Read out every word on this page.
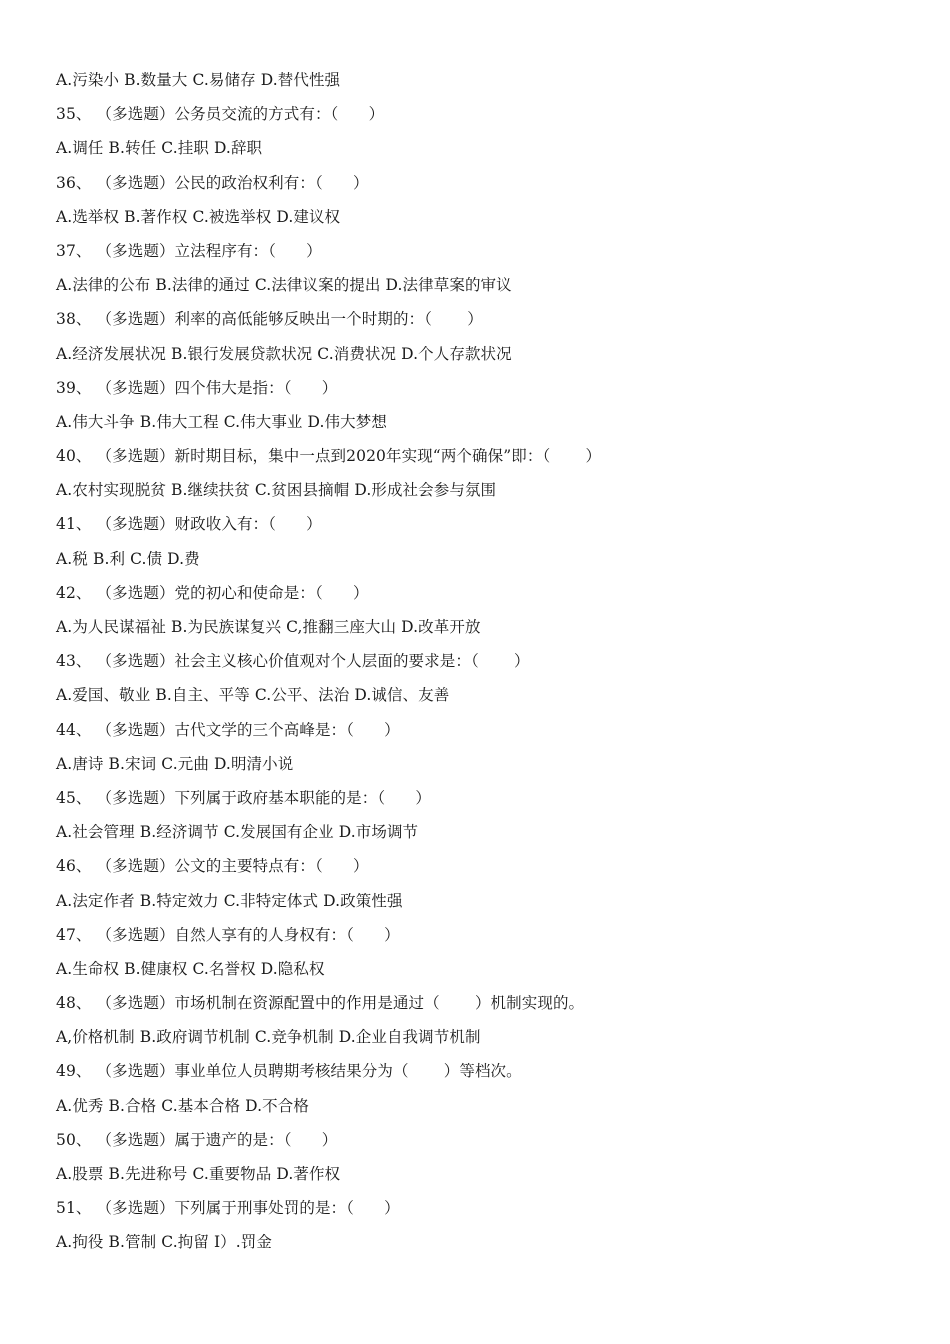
A.污染小 B.数量大 C.易储存 D.替代性强
35、 （多选题）公务员交流的方式有：（      ）
A.调任 B.转任 C.挂职 D.辞职
36、 （多选题）公民的政治权利有：（      ）
A.选举权 B.著作权 C.被选举权 D.建议权
37、 （多选题）立法程序有：（      ）
A.法律的公布 B.法律的通过 C.法律议案的提出 D.法律草案的审议
38、 （多选题）利率的高低能够反映出一个时期的：（       ）
A.经济发展状况 B.银行发展贷款状况 C.消费状况 D.个人存款状况
39、 （多选题）四个伟大是指：（      ）
A.伟大斗争 B.伟大工程 C.伟大事业 D.伟大梦想
40、 （多选题）新时期目标，集中一点到2020年实现“两个确保”即：（       ）
A.农村实现脱贫 B.继续扶贫 C.贫困县摘帽 D.形成社会参与氛围
41、 （多选题）财政收入有：（      ）
A.税 B.利 C.债 D.费
42、 （多选题）党的初心和使命是：（      ）
A.为人民谋福祉 B.为民族谋复兴 C,推翻三座大山 D.改革开放
43、 （多选题）社会主义核心价值观对个人层面的要求是：（       ）
A.爱国、敬业 B.自主、平等 C.公平、法治 D.诚信、友善
44、 （多选题）古代文学的三个高峰是：（      ）
A.唐诗 B.宋词 C.元曲 D.明清小说
45、 （多选题）下列属于政府基本职能的是：（      ）
A.社会管理 B.经济调节 C.发展国有企业 D.市场调节
46、 （多选题）公文的主要特点有：（      ）
A.法定作者 B.特定效力 C.非特定体式 D.政策性强
47、 （多选题）自然人享有的人身权有：（      ）
A.生命权 B.健康权 C.名誉权 D.隐私权
48、 （多选题）市场机制在资源配置中的作用是通过（       ）机制实现的。
A,价格机制 B.政府调节机制 C.竞争机制 D.企业自我调节机制
49、 （多选题）事业单位人员聘期考核结果分为（       ）等档次。
A.优秀 B.合格 C.基本合格 D.不合格
50、 （多选题）属于遗产的是：（      ）
A.股票 B.先进称号 C.重要物品 D.著作权
51、 （多选题）下列属于刑事处罚的是：（      ）
A.拘役 B.管制 C.拘留 I）.罚金
